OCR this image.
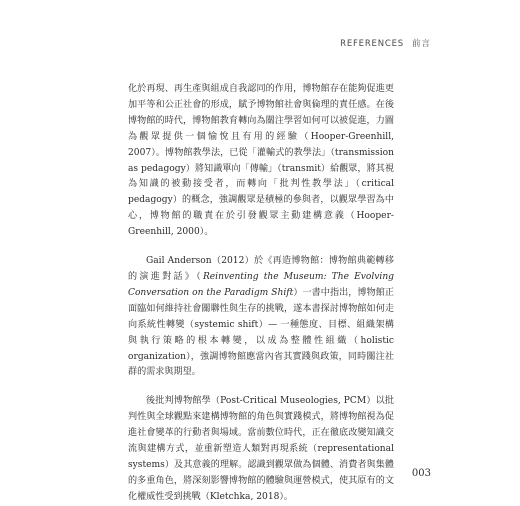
REFERENCES 前言

化於再現、再生產與組成自我認同的作用，博物館存在能夠促進更加平等和公正社會的形成，賦予博物館社會與倫理的責任感。在後博物館的時代，博物館教育轉向為關注學習如何可以被促進，力圖為觀眾提供一個愉悅且有用的經驗（Hooper-Greenhill, 2007）。博物館教學法，已從「灌輸式的教學法」（transmission as pedagogy）將知識單向「傳輸」（transmit）給觀眾，將其視為知識的被動接受者，而轉向「批判性教學法」（critical pedagogy）的概念，強調觀眾是積極的參與者，以觀眾學習為中心，博物館的職責在於引發觀眾主動建構意義（Hooper-Greenhill, 2000）。

Gail Anderson（2012）於《再造博物館：博物館典範轉移的演進對話》（Reinventing the Museum: The Evolving Conversation on the Paradigm Shift）一書中指出，博物館正面臨如何維持社會關聯性與生存的挑戰，遂本書探討博物館如何走向系統性轉變（systemic shift）— 一種態度、目標、組織架構與執行策略的根本轉變，以成為整體性組織（holistic organization），強調博物館應當內省其實踐與政策，同時關注社群的需求與期望。

後批判博物館學（Post-Critical Museologies, PCM）以批判性與全球觀點來建構博物館的角色與實踐模式，將博物館視為促進社會變革的行動者與場域。當前數位時代，正在徹底改變知識交流與建構方式，並重新塑造人類對再現系統（representational systems）及其意義的理解。認識到觀眾做為個體、消費者與集體的多重角色，將深刻影響博物館的體驗與運營模式，使其原有的文化權威性受到挑戰（Kletchka, 2018）。

003
